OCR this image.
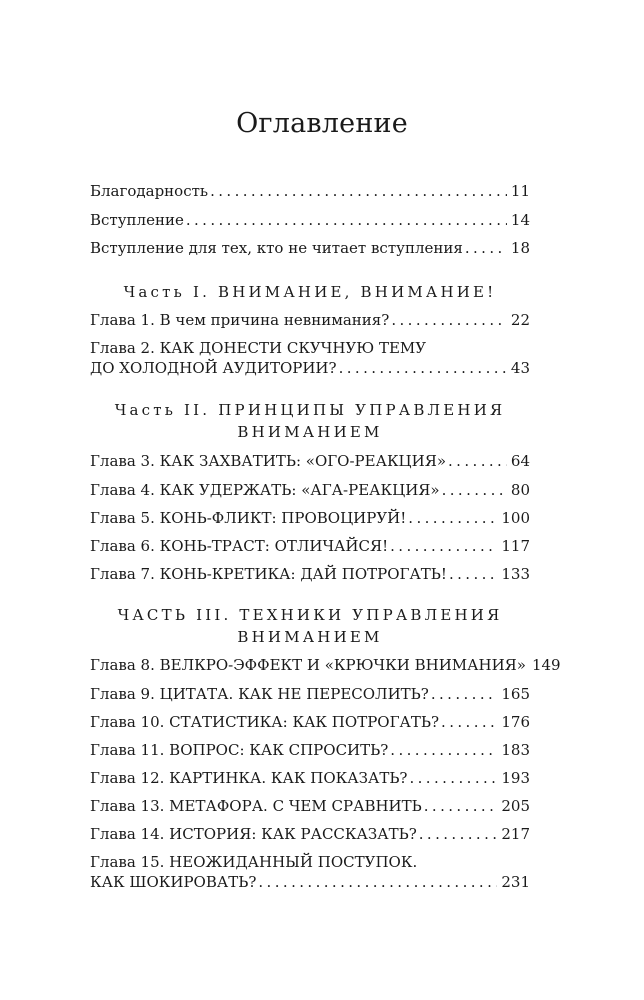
Оглавление
Благодарность .....	11
Вступление .....	14
Вступление для тех, кто не читает вступления .....	18
Часть I. ВНИМАНИЕ, ВНИМАНИЕ!
Глава 1. В чем причина невнимания? .....	22
Глава 2. КАК ДОНЕСТИ СКУЧНУЮ ТЕМУ
ДО ХОЛОДНОЙ АУДИТОРИИ? .....	43
Часть II. ПРИНЦИПЫ УПРАВЛЕНИЯ
ВНИМАНИЕМ
Глава 3. КАК ЗАХВАТИТЬ: «ОГО-РЕАКЦИЯ» .....	64
Глава 4. КАК УДЕРЖАТЬ: «АГА-РЕАКЦИЯ» .....	80
Глава 5. КОНЬ-ФЛИКТ: ПРОВОЦИРУЙ! .....	100
Глава 6. КОНЬ-ТРАСТ: ОТЛИЧАЙСЯ! .....	117
Глава 7. КОНЬ-КРЕТИКА: ДАЙ ПОТРОГАТЬ! .....	133
ЧАСТЬ III. ТЕХНИКИ УПРАВЛЕНИЯ
ВНИМАНИЕМ
Глава 8. ВЕЛКРО-ЭФФЕКТ И «КРЮЧКИ ВНИМАНИЯ» 149
Глава 9. ЦИТАТА. КАК НЕ ПЕРЕСОЛИТЬ? .....	165
Глава 10. СТАТИСТИКА: КАК ПОТРОГАТЬ? .....	176
Глава 11. ВОПРОС: КАК СПРОСИТЬ? .....	183
Глава 12. КАРТИНКА. КАК ПОКАЗАТЬ? .....	193
Глава 13. МЕТАФОРА. С ЧЕМ СРАВНИТЬ .....	205
Глава 14. ИСТОРИЯ: КАК РАССКАЗАТЬ? .....	217
Глава 15. НЕОЖИДАННЫЙ ПОСТУПОК.
КАК ШОКИРОВАТЬ? .....	231
